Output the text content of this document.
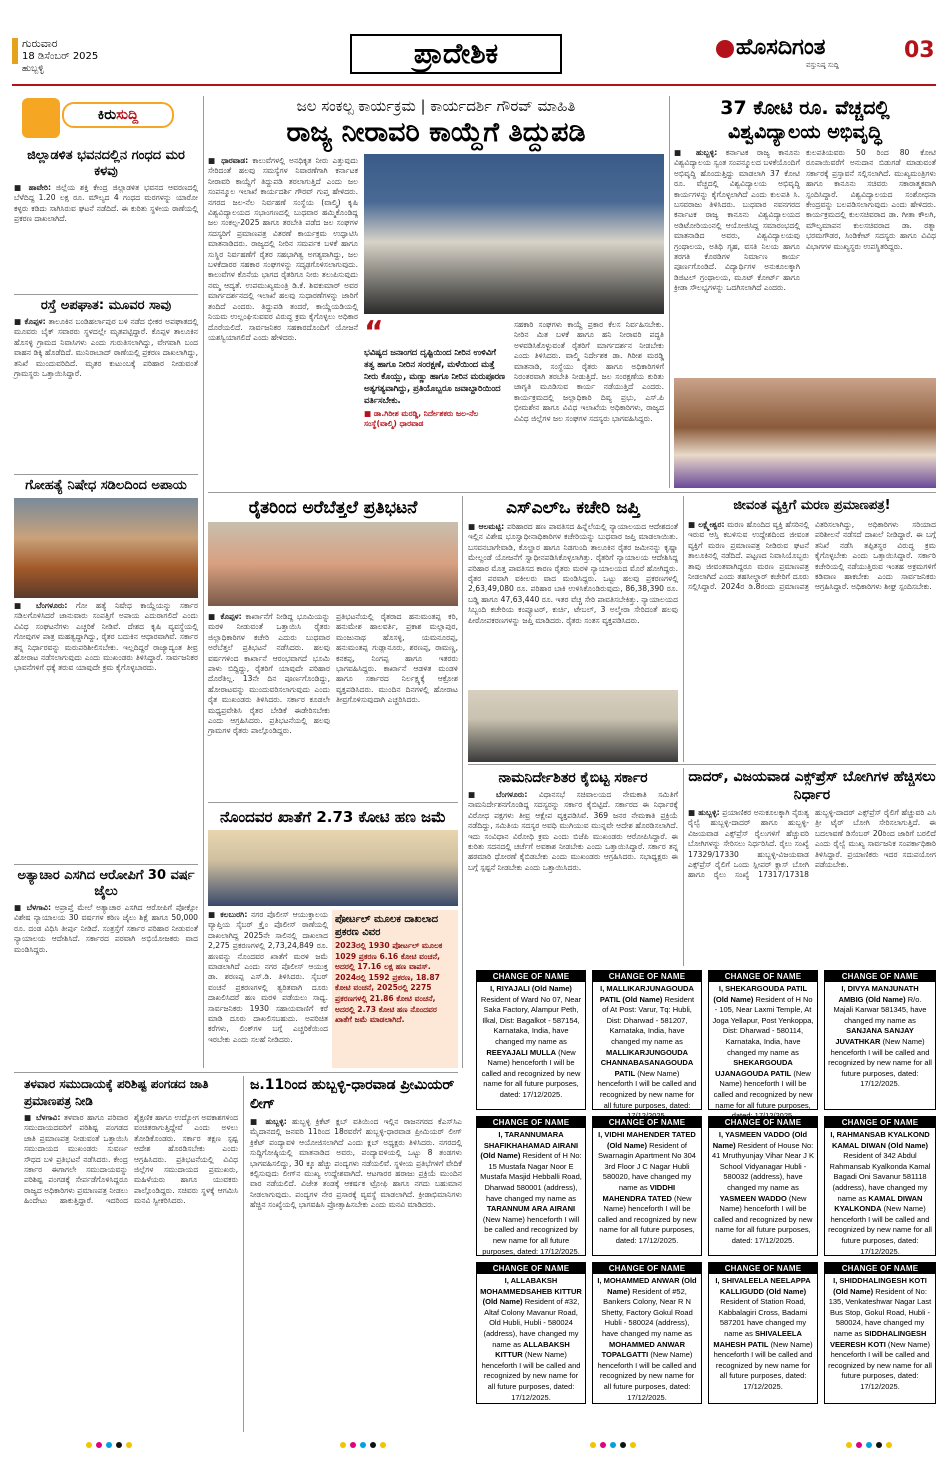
ಗುರುವಾರ
18 ಡಿಸೆಂಬರ್ 2025
ಹುಬ್ಬಳ್ಳಿ	ಪ್ರಾದೇಶಿಕ	ಹೊಸದಿಗಂತ
ವಸ್ತುನಿಷ್ಠ ಸುದ್ದಿ
03
ಕಿರುಸುದ್ದಿ
ಜಿಲ್ಲಾಡಳಿತ ಭವನದಲ್ಲಿನ ಗಂಧದ ಮರ ಕಳವು
■ ಹಾವೇರಿ: ಜಿಲ್ಲೆಯ ಶಕ್ತಿ ಕೇಂದ್ರ ಜಿಲ್ಲಾಡಳಿತ ಭವನದ ಆವರಣದಲ್ಲಿ ಬೆಳೆದಿದ್ದ 1.20 ಲಕ್ಷ ರೂ. ಮೌಲ್ಯದ 4 ಗಂಧದ ಮರಗಳನ್ನು ಯಾರೋ ಕಳ್ಳರು ಕಡಿದು ಸಾಗಿಸಿರುವ ಘಟನೆ ನಡೆದಿದೆ. ಈ ಕುರಿತು ಸ್ಥಳೀಯ ಠಾಣೆಯಲ್ಲಿ ಪ್ರಕರಣ ದಾಖಲಾಗಿದೆ.
ರಸ್ತೆ ಅಪಘಾತ: ಮೂವರ ಸಾವು
■ ಕೊಪ್ಪಳ: ತಾಲೂಕಿನ ಬಂಡಿಹರ್ಲಾಪುರ ಬಳಿ ನಡೆದ ಭೀಕರ ಅಪಘಾತದಲ್ಲಿ ಮೂವರು ಬೈಕ್ ಸವಾರರು ಸ್ಥಳದಲ್ಲೇ ಮೃತಪಟ್ಟಿದ್ದಾರೆ. ಕೊಪ್ಪಳ ತಾಲೂಕಿನ ಹೊಸಳ್ಳಿ ಗ್ರಾಮದ ನಿವಾಸಿಗಳು ಎಂದು ಗುರುತಿಸಲಾಗಿದ್ದು, ವೇಗವಾಗಿ ಬಂದ ವಾಹನ ಡಿಕ್ಕಿ ಹೊಡೆದಿದೆ. ಮುನಿರಾಬಾದ್ ಠಾಣೆಯಲ್ಲಿ ಪ್ರಕರಣ ದಾಖಲಾಗಿದ್ದು, ತನಿಖೆ ಮುಂದುವರಿದಿದೆ. ಮೃತರ ಕುಟುಂಬಕ್ಕೆ ಪರಿಹಾರ ನೀಡುವಂತೆ ಗ್ರಾಮಸ್ಥರು ಒತ್ತಾಯಿಸಿದ್ದಾರೆ.
ಗೋಹತ್ಯೆ ನಿಷೇಧ ಸಡಿಲದಿಂದ ಅಪಾಯ
■ ಬೆಂಗಳೂರು: ಗೋ ಹತ್ಯೆ ನಿಷೇಧ ಕಾಯ್ದೆಯನ್ನು ಸರ್ಕಾರ ಸಡಿಲಗೊಳಿಸಿದರೆ ಜಾನುವಾರು ಸಂಪತ್ತಿಗೆ ಅಪಾಯ ಎದುರಾಗಲಿದೆ ಎಂದು ವಿವಿಧ ಸಂಘಟನೆಗಳು ಎಚ್ಚರಿಕೆ ನೀಡಿವೆ. ದೇಶದ ಕೃಷಿ ವ್ಯವಸ್ಥೆಯಲ್ಲಿ ಗೋವುಗಳ ಪಾತ್ರ ಮಹತ್ವದ್ದಾಗಿದ್ದು, ರೈತರ ಬದುಕಿನ ಆಧಾರವಾಗಿವೆ. ಸರ್ಕಾರ ತನ್ನ ನಿರ್ಧಾರವನ್ನು ಮರುಪರಿಶೀಲಿಸಬೇಕು. ಇಲ್ಲದಿದ್ದರೆ ರಾಜ್ಯಾದ್ಯಂತ ತೀವ್ರ ಹೋರಾಟ ನಡೆಸಲಾಗುವುದು ಎಂದು ಮುಖಂಡರು ತಿಳಿಸಿದ್ದಾರೆ. ಸಾರ್ವಜನಿಕರ ಭಾವನೆಗಳಿಗೆ ಧಕ್ಕೆ ತರುವ ಯಾವುದೇ ಕ್ರಮ ಕೈಗೊಳ್ಳಬಾರದು.
ಅತ್ಯಾಚಾರ ಎಸಗಿದ ಆರೋಪಿಗೆ 30 ವರ್ಷ ಜೈಲು
■ ಬೆಳಗಾವಿ: ಅಪ್ರಾಪ್ತೆ ಮೇಲೆ ಅತ್ಯಾಚಾರ ಎಸಗಿದ ಆರೋಪಿಗೆ ಪೋಕ್ಸೋ ವಿಶೇಷ ನ್ಯಾಯಾಲಯ 30 ವರ್ಷಗಳ ಕಠಿಣ ಜೈಲು ಶಿಕ್ಷೆ ಹಾಗೂ 50,000 ರೂ. ದಂಡ ವಿಧಿಸಿ ತೀರ್ಪು ನೀಡಿದೆ. ಸಂತ್ರಸ್ತೆಗೆ ಸರ್ಕಾರ ಪರಿಹಾರ ನೀಡುವಂತೆ ನ್ಯಾಯಾಲಯ ಆದೇಶಿಸಿದೆ. ಸರ್ಕಾರದ ಪರವಾಗಿ ಅಭಿಯೋಜಕರು ವಾದ ಮಂಡಿಸಿದ್ದರು.
ಜಲ ಸಂಕಲ್ಪ ಕಾರ್ಯಕ್ರಮ | ಕಾರ್ಯದರ್ಶಿ ಗೌರವ್ ಮಾಹಿತಿ
ರಾಜ್ಯ ನೀರಾವರಿ ಕಾಯ್ದೆಗೆ ತಿದ್ದುಪಡಿ
■ ಧಾರವಾಡ: ಕಾಲುವೆಗಳಲ್ಲಿ ಅನಧಿಕೃತ ನೀರು ಎತ್ತುವುದು ಸೇರಿದಂತೆ ಹಲವು ಸಮಸ್ಯೆಗಳ ನಿವಾರಣೆಗಾಗಿ ಕರ್ನಾಟಕ ನೀರಾವರಿ ಕಾಯ್ದೆಗೆ ತಿದ್ದುಪಡಿ ತರಲಾಗುತ್ತಿದೆ ಎಂದು ಜಲ ಸಂಪನ್ಮೂಲ ಇಲಾಖೆ ಕಾರ್ಯದರ್ಶಿ ಗೌರವ್ ಗುಪ್ತ ಹೇಳಿದರು. ನಗರದ ಜಲ-ನೆಲ ನಿರ್ವಹಣೆ ಸಂಸ್ಥೆಯ (ವಾಲ್ಮಿ) ಕೃಷಿ ವಿಶ್ವವಿದ್ಯಾಲಯದ ಸಭಾಂಗಣದಲ್ಲಿ ಬುಧವಾರ ಹಮ್ಮಿಕೊಂಡಿದ್ದ ಜಲ ಸಂಕಲ್ಪ-2025 ಹಾಗೂ ತರಬೇತಿ ಪಡೆದ ಜಲ ಸಂಘಗಳ ಸದಸ್ಯರಿಗೆ ಪ್ರಮಾಣಪತ್ರ ವಿತರಣೆ ಕಾರ್ಯಕ್ರಮ ಉದ್ಘಾಟಿಸಿ ಮಾತನಾಡಿದರು. ರಾಜ್ಯದಲ್ಲಿ ನೀರಿನ ಸಮರ್ಪಕ ಬಳಕೆ ಹಾಗೂ ಸುಸ್ಥಿರ ನಿರ್ವಹಣೆಗೆ ರೈತರ ಸಹಭಾಗಿತ್ವ ಅಗತ್ಯವಾಗಿದ್ದು, ಜಲ ಬಳಕೆದಾರರ ಸಹಕಾರ ಸಂಘಗಳನ್ನು ಸದೃಢಗೊಳಿಸಲಾಗುವುದು. ಕಾಲುವೆಗಳ ಕೊನೆಯ ಭಾಗದ ರೈತರಿಗೂ ನೀರು ತಲುಪಿಸುವುದು ನಮ್ಮ ಆದ್ಯತೆ. ಉಪಮುಖ್ಯಮಂತ್ರಿ ಡಿ.ಕೆ. ಶಿವಕುಮಾರ್ ಅವರ ಮಾರ್ಗದರ್ಶನದಲ್ಲಿ ಇಲಾಖೆ ಹಲವು ಸುಧಾರಣೆಗಳನ್ನು ಜಾರಿಗೆ ತಂದಿದೆ ಎಂದರು. ತಿದ್ದುಪಡಿ ತಂದರೆ, ಕಾಯ್ದೆಯಡಿಯಲ್ಲಿ ನಿಯಮ ಉಲ್ಲಂಘಿಸುವವರ ವಿರುದ್ಧ ಕ್ರಮ ಕೈಗೊಳ್ಳಲು ಅಧಿಕಾರ ದೊರೆಯಲಿದೆ. ಸಾರ್ವಜನಿಕರ ಸಹಕಾರದೊಂದಿಗೆ ಯೋಜನೆ ಯಶಸ್ವಿಯಾಗಲಿದೆ ಎಂದು ಹೇಳಿದರು.	“
ಭವಿಷ್ಯದ ಜನಾಂಗದ ದೃಷ್ಟಿಯಿಂದ ನೀರಿನ ಉಳಿವಿಗೆ ತತ್ವ ಹಾಗೂ ನೀರಿನ ಸಂರಕ್ಷಣೆ, ಮಳೆಯಿಂದ ಮತ್ತೆ ನೀರು ಕೊಯ್ಲು, ಮಣ್ಣು ಹಾಗೂ ನೀರಿನ ಮರುಪೂರಣ ಅತ್ಯಗತ್ಯವಾಗಿದ್ದು, ಪ್ರತಿಯೊಬ್ಬರೂ ಜವಾಬ್ದಾರಿಯಿಂದ ವರ್ತಿಸಬೇಕು.
■ ಡಾ.ಗಿರೀಶ ಮರಡ್ಡಿ, ನಿರ್ದೇಶಕರು ಜಲ-ನೆಲ ಸಂಸ್ಥೆ(ವಾಲ್ಮಿ) ಧಾರವಾಡ
ಸಹಕಾರಿ ಸಂಘಗಳು ಕಾಯ್ದೆ ಪ್ರಕಾರ ಕೆಲಸ ನಿರ್ವಹಿಸಬೇಕು. ನೀರಿನ ಮಿತ ಬಳಕೆ ಹಾಗೂ ಹನಿ ನೀರಾವರಿ ಪದ್ಧತಿ ಅಳವಡಿಸಿಕೊಳ್ಳುವಂತೆ ರೈತರಿಗೆ ಮಾರ್ಗದರ್ಶನ ನೀಡಬೇಕು ಎಂದು ತಿಳಿಸಿದರು. ವಾಲ್ಮಿ ನಿರ್ದೇಶಕ ಡಾ. ಗಿರೀಶ ಮರಡ್ಡಿ ಮಾತನಾಡಿ, ಸಂಸ್ಥೆಯು ರೈತರು ಹಾಗೂ ಅಧಿಕಾರಿಗಳಿಗೆ ನಿರಂತರವಾಗಿ ತರಬೇತಿ ನೀಡುತ್ತಿದೆ. ಜಲ ಸಂರಕ್ಷಣೆಯ ಕುರಿತು ಜಾಗೃತಿ ಮೂಡಿಸುವ ಕಾರ್ಯ ನಡೆಯುತ್ತಿದೆ ಎಂದರು. ಕಾರ್ಯಕ್ರಮದಲ್ಲಿ ಜಲ್ಲಾಧಿಕಾರಿ ದಿವ್ಯ ಪ್ರಭು, ಎಸ್.ಪಿ ಭೀಮಶೇನ ಹಾಗೂ ವಿವಿಧ ಇಲಾಖೆಯ ಅಧಿಕಾರಿಗಳು, ರಾಜ್ಯದ ವಿವಿಧ ಜಿಲ್ಲೆಗಳ ಜಲ ಸಂಘಗಳ ಸದಸ್ಯರು ಭಾಗವಹಿಸಿದ್ದರು.
37 ಕೋಟಿ ರೂ. ವೆಚ್ಚದಲ್ಲಿ ವಿಶ್ವವಿದ್ಯಾಲಯ ಅಭಿವೃದ್ಧಿ
■ ಹುಬ್ಬಳ್ಳಿ: ಕರ್ನಾಟಕ ರಾಜ್ಯ ಕಾನೂನು ವಿಶ್ವವಿದ್ಯಾಲಯ ಸ್ವಂತ ಸಂಪನ್ಮೂಲದ ಬಳಕೆಯೊಂದಿಗೆ ಅಭಿವೃದ್ಧಿ ಹೊಂದುತ್ತಿದ್ದು ಮಾಡಲಾಗಿ 37 ಕೋಟಿ ರೂ. ವೆಚ್ಚದಲ್ಲಿ ವಿಶ್ವವಿದ್ಯಾಲಯ ಅಭಿವೃದ್ಧಿ ಕಾರ್ಯಗಳನ್ನು ಕೈಗೊಳ್ಳಲಾಗಿದೆ ಎಂದು ಕುಲಪತಿ ಸಿ. ಬಸವರಾಜು ತಿಳಿಸಿದರು. ಬುಧವಾರ ನವನಗರದ ಕರ್ನಾಟಕ ರಾಜ್ಯ ಕಾನೂನು ವಿಶ್ವವಿದ್ಯಾಲಯದ ಅಡಿಟೋರಿಯಂನಲ್ಲಿ ಆಯೋಜಿಸಿದ್ದ ಸಮಾರಂಭದಲ್ಲಿ ಮಾತನಾಡಿದ ಅವರು, ವಿಶ್ವವಿದ್ಯಾಲಯವು ಗ್ರಂಥಾಲಯ, ಅತಿಥಿ ಗೃಹ, ವಸತಿ ನಿಲಯ ಹಾಗೂ ತರಗತಿ ಕೊಠಡಿಗಳ ನಿರ್ಮಾಣ ಕಾರ್ಯ ಪೂರ್ಣಗೊಂಡಿದೆ. ವಿದ್ಯಾರ್ಥಿಗಳ ಅನುಕೂಲಕ್ಕಾಗಿ ಡಿಜಿಟಲ್ ಗ್ರಂಥಾಲಯ, ಮೂಟ್ ಕೋರ್ಟ್ ಹಾಗೂ ಕ್ರೀಡಾ ಸೌಲಭ್ಯಗಳನ್ನು ಒದಗಿಸಲಾಗಿದೆ ಎಂದರು.
ಕುಲಪತಿಯವರು 50 ರಿಂದ 80 ಕೋಟಿ ರೂಪಾಯಿವರೆಗೆ ಅನುದಾನ ಬಿಡುಗಡೆ ಮಾಡುವಂತೆ ಸರ್ಕಾರಕ್ಕೆ ಪ್ರಸ್ತಾವನೆ ಸಲ್ಲಿಸಲಾಗಿದೆ. ಮುಖ್ಯಮಂತ್ರಿಗಳು ಹಾಗೂ ಕಾನೂನು ಸಚಿವರು ಸಕಾರಾತ್ಮಕವಾಗಿ ಸ್ಪಂದಿಸಿದ್ದಾರೆ. ವಿಶ್ವವಿದ್ಯಾಲಯದ ಸಂಶೋಧನಾ ಕೇಂದ್ರವನ್ನು ಬಲಪಡಿಸಲಾಗುವುದು ಎಂದು ಹೇಳಿದರು. ಕಾರ್ಯಕ್ರಮದಲ್ಲಿ ಕುಲಸಚಿವರಾದ ಡಾ. ಗೀತಾ ಕೌಲಗಿ, ಮೌಲ್ಯಮಾಪನ ಕುಲಸಚಿವರಾದ ಡಾ. ರತ್ನಾ ಭರಮಗೌಡರ, ಸಿಂಡಿಕೇಟ್ ಸದಸ್ಯರು ಹಾಗೂ ವಿವಿಧ ವಿಭಾಗಗಳ ಮುಖ್ಯಸ್ಥರು ಉಪಸ್ಥಿತರಿದ್ದರು.
ರೈತರಿಂದ ಅರೆಬೆತ್ತಲೆ ಪ್ರತಿಭಟನೆ
■ ಕೊಪ್ಪಳ: ಕಾರ್ಖಾನೆಗೆ ನೀಡಿದ್ದ ಭೂಮಿಯನ್ನು ಮರಳಿ ನೀಡುವಂತೆ ಒತ್ತಾಯಿಸಿ ರೈತರು ಜಿಲ್ಲಾಧಿಕಾರಿಗಳ ಕಚೇರಿ ಎದುರು ಬುಧವಾರ ಅರೆಬೆತ್ತಲೆ ಪ್ರತಿಭಟನೆ ನಡೆಸಿದರು. ಹಲವು ವರ್ಷಗಳಿಂದ ಕಾರ್ಖಾನೆ ಆರಂಭವಾಗದೆ ಭೂಮಿ ಪಾಳು ಬಿದ್ದಿದ್ದು, ರೈತರಿಗೆ ಯಾವುದೇ ಪರಿಹಾರ ದೊರೆತಿಲ್ಲ. 13ನೇ ದಿನ ಪೂರ್ಣಗೊಂಡಿದ್ದು, ಹೋರಾಟವನ್ನು ಮುಂದುವರಿಸಲಾಗುವುದು ಎಂದು ರೈತ ಮುಖಂಡರು ತಿಳಿಸಿದರು. ಸರ್ಕಾರ ಕೂಡಲೇ ಮಧ್ಯಪ್ರವೇಶಿಸಿ ರೈತರ ಬೇಡಿಕೆ ಈಡೇರಿಸಬೇಕು ಎಂದು ಆಗ್ರಹಿಸಿದರು. ಪ್ರತಿಭಟನೆಯಲ್ಲಿ ಹಲವು ಗ್ರಾಮಗಳ ರೈತರು ಪಾಲ್ಗೊಂಡಿದ್ದರು.
ಪ್ರತಿಭಟನೆಯಲ್ಲಿ ರೈತರಾದ ಹನುಮಂತಪ್ಪ ಕರಿ, ಹನುಮೇಶ ಹಾಲವರ್ತಿ, ಪ್ರಕಾಶ ಮಲ್ಲಾಪುರ, ಮಂಜುನಾಥ ಹೊಸಳ್ಳಿ, ಯಮನೂರಪ್ಪ, ಹನುಮಂತಪ್ಪ ಗುಡ್ಲಾನೂರು, ಶರಣಪ್ಪ, ರಾಮಣ್ಣ, ಕನಕಪ್ಪ, ನಿಂಗಪ್ಪ ಹಾಗೂ ಇತರರು ಭಾಗವಹಿಸಿದ್ದರು. ಕಾರ್ಖಾನೆ ಆಡಳಿತ ಮಂಡಳಿ ಹಾಗೂ ಸರ್ಕಾರದ ನಿರ್ಲಕ್ಷ್ಯಕ್ಕೆ ಆಕ್ರೋಶ ವ್ಯಕ್ತಪಡಿಸಿದರು. ಮುಂದಿನ ದಿನಗಳಲ್ಲಿ ಹೋರಾಟ ತೀವ್ರಗೊಳಿಸುವುದಾಗಿ ಎಚ್ಚರಿಸಿದರು.
ನೊಂದವರ ಖಾತೆಗೆ 2.73 ಕೋಟಿ ಹಣ ಜಮೆ
■ ಕಲಬುರಗಿ: ನಗರ ಪೊಲೀಸ್ ಆಯುಕ್ತಾಲಯ ವ್ಯಾಪ್ತಿಯ ಸೈಬರ್ ಕ್ರೈಂ ಪೊಲೀಸ್ ಠಾಣೆಯಲ್ಲಿ ದಾಖಲಾಗಿದ್ದ 2025ನೇ ಸಾಲಿನಲ್ಲಿ ದಾಖಲಾದ 2,275 ಪ್ರಕರಣಗಳಲ್ಲಿ 2,73,24,849 ರೂ. ಹಣವನ್ನು ನೊಂದವರ ಖಾತೆಗೆ ಮರಳಿ ಜಮೆ ಮಾಡಲಾಗಿದೆ ಎಂದು ನಗರ ಪೊಲೀಸ್ ಆಯುಕ್ತ ಡಾ. ಶರಣಪ್ಪ ಎಸ್.ಡಿ. ತಿಳಿಸಿದರು. ಸೈಬರ್ ವಂಚನೆ ಪ್ರಕರಣಗಳಲ್ಲಿ ತ್ವರಿತವಾಗಿ ದೂರು ದಾಖಲಿಸಿದರೆ ಹಣ ಮರಳಿ ಪಡೆಯಲು ಸಾಧ್ಯ. ಸಾರ್ವಜನಿಕರು 1930 ಸಹಾಯವಾಣಿಗೆ ಕರೆ ಮಾಡಿ ದೂರು ದಾಖಲಿಸಬಹುದು. ಅಪರಿಚಿತ ಕರೆಗಳು, ಲಿಂಕ್‌ಗಳ ಬಗ್ಗೆ ಎಚ್ಚರಿಕೆಯಿಂದ ಇರಬೇಕು ಎಂದು ಸಲಹೆ ನೀಡಿದರು.
ಪೋರ್ಟಲ್ ಮೂಲಕ ದಾಖಲಾದ ಪ್ರಕರಣ ವಿವರ
2023ರಲ್ಲಿ 1930 ಪೋರ್ಟಲ್ ಮೂಲಕ 1029 ಪ್ರಕರಣ 6.16 ಕೋಟಿ ವಂಚನೆ, ಅದರಲ್ಲಿ 17.16 ಲಕ್ಷ ಹಣ ವಾಪಸ್. 2024ರಲ್ಲಿ 1592 ಪ್ರಕರಣ, 18.87 ಕೋಟಿ ವಂಚನೆ, 2025ರಲ್ಲಿ 2275 ಪ್ರಕರಣಗಳಲ್ಲಿ 21.86 ಕೋಟಿ ವಂಚನೆ, ಅದರಲ್ಲಿ 2.73 ಕೋಟಿ ಹಣ ನೊಂದವರ ಖಾತೆಗೆ ಜಮೆ ಮಾಡಲಾಗಿದೆ.
ಎಸ್‌ಎಲ್‌ಒ ಕಚೇರಿ ಜಪ್ತಿ
■ ಆಲಮಟ್ಟಿ: ಪರಿಹಾರದ ಹಣ ಪಾವತಿಸದ ಹಿನ್ನೆಲೆಯಲ್ಲಿ ನ್ಯಾಯಾಲಯದ ಆದೇಶದಂತೆ ಇಲ್ಲಿನ ವಿಶೇಷ ಭೂಸ್ವಾಧೀನಾಧಿಕಾರಿಗಳ ಕಚೇರಿಯನ್ನು ಬುಧವಾರ ಜಪ್ತಿ ಮಾಡಲಾಯಿತು. ಬಸವನಬಾಗೇವಾಡಿ, ಕೊಲ್ಹಾರ ಹಾಗೂ ನಿಡಗುಂದಿ ತಾಲೂಕಿನ ರೈತರ ಜಮೀನನ್ನು ಕೃಷ್ಣಾ ಮೇಲ್ದಂಡೆ ಯೋಜನೆಗೆ ಸ್ವಾಧೀನಪಡಿಸಿಕೊಳ್ಳಲಾಗಿತ್ತು. ರೈತರಿಗೆ ನ್ಯಾಯಾಲಯ ಆದೇಶಿಸಿದ್ದ ಪರಿಹಾರ ಮೊತ್ತ ಪಾವತಿಸದ ಕಾರಣ ರೈತರು ಮರಳಿ ನ್ಯಾಯಾಲಯದ ಮೊರೆ ಹೋಗಿದ್ದರು. ರೈತರ ಪರವಾಗಿ ವಕೀಲರು ವಾದ ಮಂಡಿಸಿದ್ದರು. ಒಟ್ಟು ಹಲವು ಪ್ರಕರಣಗಳಲ್ಲಿ 2,63,49,080 ರೂ. ಪರಿಹಾರ ಬಾಕಿ ಉಳಿಸಿಕೊಂಡಿರುವುದು, 86,38,390 ರೂ. ಬಡ್ಡಿ ಹಾಗೂ 47,63,440 ರೂ. ಇತರ ವೆಚ್ಚ ಸೇರಿ ಪಾವತಿಸಬೇಕಿತ್ತು. ನ್ಯಾಯಾಲಯದ ಸಿಬ್ಬಂದಿ ಕಚೇರಿಯ ಕಂಪ್ಯೂಟರ್, ಕುರ್ಚಿ, ಟೇಬಲ್, 3 ಅಲ್ಮೇರಾ ಸೇರಿದಂತೆ ಹಲವು ಪೀಠೋಪಕರಣಗಳನ್ನು ಜಪ್ತಿ ಮಾಡಿದರು. ರೈತರು ಸಂತಸ ವ್ಯಕ್ತಪಡಿಸಿದರು.
ಜೀವಂತ ವ್ಯಕ್ತಿಗೆ ಮರಣ ಪ್ರಮಾಣಪತ್ರ!
■ ಲಕ್ಷ್ಮೇಶ್ವರ: ಮರಣ ಹೊಂದಿದ ವ್ಯಕ್ತಿ ಹೆಸರಿನಲ್ಲಿ ಇರುವ ಆಸ್ತಿ ಕಬಳಿಸುವ ಉದ್ದೇಶದಿಂದ ಜೀವಂತ ವ್ಯಕ್ತಿಗೆ ಮರಣ ಪ್ರಮಾಣಪತ್ರ ನೀಡಿರುವ ಘಟನೆ ತಾಲೂಕಿನಲ್ಲಿ ನಡೆದಿದೆ. ಪಟ್ಟಣದ ನಿವಾಸಿಯೊಬ್ಬರು ತಾವು ಜೀವಂತವಾಗಿದ್ದರೂ ಮರಣ ಪ್ರಮಾಣಪತ್ರ ನೀಡಲಾಗಿದೆ ಎಂದು ತಹಸೀಲ್ದಾರ್ ಕಚೇರಿಗೆ ದೂರು ಸಲ್ಲಿಸಿದ್ದಾರೆ. 2024ರ ಡಿ.8ರಂದು ಪ್ರಮಾಣಪತ್ರ ವಿತರಿಸಲಾಗಿದ್ದು, ಅಧಿಕಾರಿಗಳು ಸರಿಯಾದ ಪರಿಶೀಲನೆ ನಡೆಸದೆ ದಾಖಲೆ ನೀಡಿದ್ದಾರೆ. ಈ ಬಗ್ಗೆ ತನಿಖೆ ನಡೆಸಿ ತಪ್ಪಿತಸ್ಥರ ವಿರುದ್ಧ ಕ್ರಮ ಕೈಗೊಳ್ಳಬೇಕು ಎಂದು ಒತ್ತಾಯಿಸಿದ್ದಾರೆ. ಸರ್ಕಾರಿ ಕಚೇರಿಯಲ್ಲಿ ನಡೆಯುತ್ತಿರುವ ಇಂತಹ ಅಕ್ರಮಗಳಿಗೆ ಕಡಿವಾಣ ಹಾಕಬೇಕು ಎಂದು ಸಾರ್ವಜನಿಕರು ಆಗ್ರಹಿಸಿದ್ದಾರೆ. ಅಧಿಕಾರಿಗಳು ಶೀಘ್ರ ಸ್ಪಂದಿಸಬೇಕು.
ನಾಮನಿರ್ದೇಶಿತರ ಕೈಬಿಟ್ಟ ಸರ್ಕಾರ
■ ಬೆಂಗಳೂರು: ವಿಧಾನಸಭೆ ಸಚಿವಾಲಯದ ನೇಮಕಾತಿ ಸಮಿತಿಗೆ ನಾಮನಿರ್ದೇಶನಗೊಂಡಿದ್ದ ಸದಸ್ಯರನ್ನು ಸರ್ಕಾರ ಕೈಬಿಟ್ಟಿದೆ. ಸರ್ಕಾರದ ಈ ನಿರ್ಧಾರಕ್ಕೆ ವಿರೋಧ ಪಕ್ಷಗಳು ತೀವ್ರ ಆಕ್ಷೇಪ ವ್ಯಕ್ತಪಡಿಸಿವೆ. 369 ಜನರ ನೇಮಕಾತಿ ಪ್ರಕ್ರಿಯೆ ನಡೆದಿದ್ದು, ಸಮಿತಿಯ ಸದಸ್ಯರ ಅವಧಿ ಮುಗಿಯುವ ಮುನ್ನವೇ ಆದೇಶ ಹೊರಡಿಸಲಾಗಿದೆ. ಇದು ಸಂವಿಧಾನ ವಿರೋಧಿ ಕ್ರಮ ಎಂದು ಬಿಜೆಪಿ ಮುಖಂಡರು ಆರೋಪಿಸಿದ್ದಾರೆ. ಈ ಕುರಿತು ಸದನದಲ್ಲಿ ಚರ್ಚೆಗೆ ಅವಕಾಶ ನೀಡಬೇಕು ಎಂದು ಒತ್ತಾಯಿಸಿದ್ದಾರೆ. ಸರ್ಕಾರ ತನ್ನ ಹಠಮಾರಿ ಧೋರಣೆ ಕೈಬಿಡಬೇಕು ಎಂದು ಮುಖಂಡರು ಆಗ್ರಹಿಸಿದರು. ಸಭಾಧ್ಯಕ್ಷರು ಈ ಬಗ್ಗೆ ಸ್ಪಷ್ಟನೆ ನೀಡಬೇಕು ಎಂದು ಒತ್ತಾಯಿಸಿದರು.
ದಾದರ್, ವಿಜಯವಾಡ ಎಕ್ಸ್‌ಪ್ರೆಸ್ ಬೋಗಿಗಳ ಹೆಚ್ಚಿಸಲು ನಿರ್ಧಾರ
■ ಹುಬ್ಬಳ್ಳಿ: ಪ್ರಯಾಣಿಕರ ಅನುಕೂಲಕ್ಕಾಗಿ ನೈರುತ್ಯ ರೈಲ್ವೆ ಹುಬ್ಬಳ್ಳಿ-ದಾದರ್ ಹಾಗೂ ಹುಬ್ಬಳ್ಳಿ-ವಿಜಯವಾಡ ಎಕ್ಸ್‌ಪ್ರೆಸ್ ರೈಲುಗಳಿಗೆ ಹೆಚ್ಚುವರಿ ಬೋಗಿಗಳನ್ನು ಸೇರಿಸಲು ನಿರ್ಧರಿಸಿದೆ. ರೈಲು ಸಂಖ್ಯೆ 17329/17330 ಹುಬ್ಬಳ್ಳಿ-ವಿಜಯವಾಡ ಎಕ್ಸ್‌ಪ್ರೆಸ್ ರೈಲಿಗೆ ಒಂದು ಸ್ಲೀಪರ್ ಕ್ಲಾಸ್ ಬೋಗಿ ಹಾಗೂ ರೈಲು ಸಂಖ್ಯೆ 17317/17318 ಹುಬ್ಬಳ್ಳಿ-ದಾದರ್ ಎಕ್ಸ್‌ಪ್ರೆಸ್ ರೈಲಿಗೆ ಹೆಚ್ಚುವರಿ ಎಸಿ ತ್ರೀ ಟೈರ್ ಬೋಗಿ ಸೇರಿಸಲಾಗುತ್ತಿದೆ. ಈ ಬದಲಾವಣೆ ಡಿಸೆಂಬರ್ 20ರಿಂದ ಜಾರಿಗೆ ಬರಲಿದೆ ಎಂದು ರೈಲ್ವೆ ಮುಖ್ಯ ಸಾರ್ವಜನಿಕ ಸಂಪರ್ಕಾಧಿಕಾರಿ ತಿಳಿಸಿದ್ದಾರೆ. ಪ್ರಯಾಣಿಕರು ಇದರ ಸದುಪಯೋಗ ಪಡೆಯಬೇಕು.
CHANGE OF NAME
I, RIYAJALI (Old Name) Resident of Ward No 07, Near Saka Factory, Alampur Peth, Ilkal, Dist: Bagalkot - 587154, Karnataka, India, have changed my name as REEYAJALI MULLA (New Name) henceforth I will be called and recognized by new name for all future purposes, dated: 17/12/2025.
CHANGE OF NAME
I, MALLIKARJUNAGOUDA PATIL (Old Name) Resident of At Post: Varur, Tq: Hubli, Dist: Dharwad - 581207, Karnataka, India, have changed my name as MALLIKARJUNGOUDA CHANNABASANAGOUDA PATIL (New Name) henceforth I will be called and recognized by new name for all future purposes, dated:
CHANGE OF NAME
I, SHEKARGOUDA PATIL (Old Name) Resident of H No - 105, Near Laxmi Temple, At Joga Yellapur, Post Yenkoppa, Dist: Dharwad - 580114, Karnataka, India, have changed my name as SHEKARGOUDA UJANAGOUDA PATIL (New Name) henceforth I will be called and recognized by new name for all future purposes,
CHANGE OF NAME
I, DIVYA MANJUNATH AMBIG (Old Name) R/o. Majali Karwar 581345, have changed my name as SANJANA SANJAY JUVATHKAR (New Name) henceforth I will be called and recognized by new name for all future purposes, dated: 17/12/2025.
CHANGE OF NAME
I, TARANNUMARA SHAFIKHAHAMAD AIRANI (Old Name) Resident of H No: 15 Mustafa Nagar Noor E Mustafa Masjid Hebballi Road, Dharwad 580001 (address), have changed my name as TARANNUM ARA AIRANI (New Name) henceforth I will be called and recognized by new name for all future purposes, dated: 17/12/2025.
CHANGE OF NAME
I, VIDHI MAHENDER TATED (Old Name) Resident of Swarnagin Apartment No 304 3rd Floor J C Nagar Hubli 580020, have changed my name as VIDDHI MAHENDRA TATED (New Name) henceforth I will be called and recognized by new name for all future purposes, dated: 17/12/2025.
CHANGE OF NAME
I, YASMEEN VADDO (Old Name) Resident of House No: 41 Mruthyunjay Vihar Near J K School Vidyanagar Hubli - 580032 (address), have changed my name as YASMEEN WADDO (New Name) henceforth I will be called and recognized by new name for all future purposes, dated: 17/12/2025.
CHANGE OF NAME
I, RAHMANSAB KYALKOND KAMAL DIWAN (Old Name) Resident of 342 Abdul Rahmansab Kyalkonda Kamal Bagadi Oni Savanur 581118 (address), have changed my name as KAMAL DIWAN KYALKONDA (New Name) henceforth I will be called and recognized by new name for all future purposes, dated: 17/12/2025.
CHANGE OF NAME
I, ALLABAKSH MOHAMMEDSAHEB KITTUR (Old Name) Resident of #32, Altaf Colony Mavanur Road, Old Hubli, Hubli - 580024 (address), have changed my name as ALLABAKSH KITTUR (New Name) henceforth I will be called and recognized by new name for all future purposes, dated: 17/12/2025.
CHANGE OF NAME
I, MOHAMMED ANWAR (Old Name) Resident of #52, Bankers Colony, Near R N Shetty, Factory Gokul Road Hubli - 580024 (address), have changed my name as MOHAMMED ANWAR TOPALGATTI (New Name) henceforth I will be called and recognized by new name for all future purposes, dated: 17/12/2025.
CHANGE OF NAME
I, SHIVALEELA NEELAPPA KALLIGUDD (Old Name) Resident of Station Road, Kabbalagiri Cross, Badami 587201 have changed my name as SHIVALEELA MAHESH PATIL (New Name) henceforth I will be called and recognized by new name for all future purposes, dated: 17/12/2025.
CHANGE OF NAME
I, SHIDDHALINGESH KOTI (Old Name) Resident of No: 135, Venkateshwar Nagar Last Bus Stop, Gokul Road, Hubli - 580024, have changed my name as SIDDHALINGESH VEERESH KOTI (New Name) henceforth I will be called and recognized by new name for all future purposes, dated: 17/12/2025.
ತಳವಾರ ಸಮುದಾಯಕ್ಕೆ ಪರಿಶಿಷ್ಟ ಪಂಗಡದ ಜಾತಿ ಪ್ರಮಾಣಪತ್ರ ನೀಡಿ
■ ಬೆಳಗಾವಿ: ತಳವಾರ ಹಾಗೂ ಪರಿವಾರ ಸಮುದಾಯದವರಿಗೆ ಪರಿಶಿಷ್ಟ ಪಂಗಡದ ಜಾತಿ ಪ್ರಮಾಣಪತ್ರ ನೀಡುವಂತೆ ಒತ್ತಾಯಿಸಿ ಸಮುದಾಯದ ಮುಖಂಡರು ಸುವರ್ಣ ಸೌಧದ ಬಳಿ ಪ್ರತಿಭಟನೆ ನಡೆಸಿದರು. ಕೇಂದ್ರ ಸರ್ಕಾರ ಈಗಾಗಲೇ ಸಮುದಾಯವನ್ನು ಪರಿಶಿಷ್ಟ ಪಂಗಡಕ್ಕೆ ಸೇರ್ಪಡೆಗೊಳಿಸಿದ್ದರೂ ರಾಜ್ಯದ ಅಧಿಕಾರಿಗಳು ಪ್ರಮಾಣಪತ್ರ ನೀಡಲು ಹಿಂದೇಟು ಹಾಕುತ್ತಿದ್ದಾರೆ. ಇದರಿಂದ ಶೈಕ್ಷಣಿಕ ಹಾಗೂ ಉದ್ಯೋಗ ಅವಕಾಶಗಳಿಂದ ವಂಚಿತರಾಗುತ್ತಿದ್ದೇವೆ ಎಂದು ಅಳಲು ತೋಡಿಕೊಂಡರು. ಸರ್ಕಾರ ತಕ್ಷಣ ಸ್ಪಷ್ಟ ಆದೇಶ ಹೊರಡಿಸಬೇಕು ಎಂದು ಆಗ್ರಹಿಸಿದರು. ಪ್ರತಿಭಟನೆಯಲ್ಲಿ ವಿವಿಧ ಜಿಲ್ಲೆಗಳ ಸಮುದಾಯದ ಪ್ರಮುಖರು, ಮಹಿಳೆಯರು ಹಾಗೂ ಯುವಕರು ಪಾಲ್ಗೊಂಡಿದ್ದರು. ಸಚಿವರು ಸ್ಥಳಕ್ಕೆ ಆಗಮಿಸಿ ಮನವಿ ಸ್ವೀಕರಿಸಿದರು.
ಜ.11ರಿಂದ ಹುಬ್ಬಳ್ಳಿ-ಧಾರವಾಡ ಪ್ರೀಮಿಯರ್ ಲೀಗ್
■ ಹುಬ್ಬಳ್ಳಿ: ಹುಬ್ಬಳ್ಳಿ ಕ್ರಿಕೆಟ್ ಕ್ಲಬ್ ವತಿಯಿಂದ ಇಲ್ಲಿನ ರಾಜನಗರದ ಕೆಎಸ್‌ಸಿಎ ಮೈದಾನದಲ್ಲಿ ಜನವರಿ 11ರಿಂದ 18ರವರೆಗೆ ಹುಬ್ಬಳ್ಳಿ-ಧಾರವಾಡ ಪ್ರೀಮಿಯರ್ ಲೀಗ್ ಕ್ರಿಕೆಟ್ ಪಂದ್ಯಾವಳಿ ಆಯೋಜಿಸಲಾಗಿದೆ ಎಂದು ಕ್ಲಬ್ ಅಧ್ಯಕ್ಷರು ತಿಳಿಸಿದರು. ನಗರದಲ್ಲಿ ಸುದ್ದಿಗೋಷ್ಠಿಯಲ್ಲಿ ಮಾತನಾಡಿದ ಅವರು, ಪಂದ್ಯಾವಳಿಯಲ್ಲಿ ಒಟ್ಟು 8 ತಂಡಗಳು ಭಾಗವಹಿಸಲಿದ್ದು, 30 ಕ್ಕೂ ಹೆಚ್ಚು ಪಂದ್ಯಗಳು ನಡೆಯಲಿವೆ. ಸ್ಥಳೀಯ ಪ್ರತಿಭೆಗಳಿಗೆ ವೇದಿಕೆ ಕಲ್ಪಿಸುವುದು ಲೀಗ್‌ನ ಮುಖ್ಯ ಉದ್ದೇಶವಾಗಿದೆ. ಆಟಗಾರರ ಹರಾಜು ಪ್ರಕ್ರಿಯೆ ಮುಂದಿನ ವಾರ ನಡೆಯಲಿದೆ. ವಿಜೇತ ತಂಡಕ್ಕೆ ಆಕರ್ಷಕ ಟ್ರೋಫಿ ಹಾಗೂ ನಗದು ಬಹುಮಾನ ನೀಡಲಾಗುವುದು. ಪಂದ್ಯಗಳ ನೇರ ಪ್ರಸಾರಕ್ಕೆ ವ್ಯವಸ್ಥೆ ಮಾಡಲಾಗಿದೆ. ಕ್ರೀಡಾಭಿಮಾನಿಗಳು ಹೆಚ್ಚಿನ ಸಂಖ್ಯೆಯಲ್ಲಿ ಭಾಗವಹಿಸಿ ಪ್ರೋತ್ಸಾಹಿಸಬೇಕು ಎಂದು ಮನವಿ ಮಾಡಿದರು.
